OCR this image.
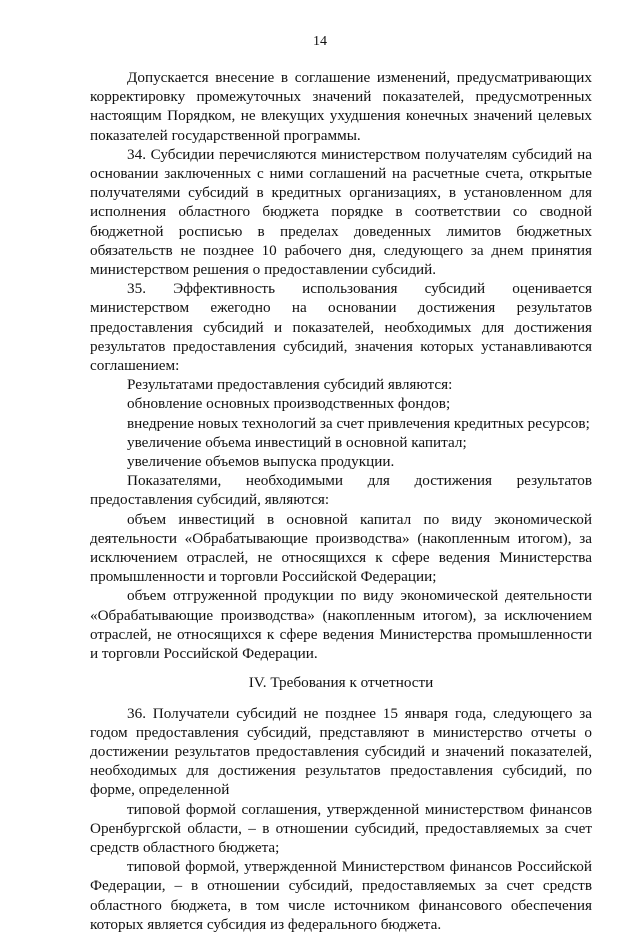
14

Допускается внесение в соглашение изменений, предусматривающих корректировку промежуточных значений показателей, предусмотренных настоящим Порядком, не влекущих ухудшения конечных значений целевых показателей государственной программы.

34. Субсидии перечисляются министерством получателям субсидий на основании заключенных с ними соглашений на расчетные счета, открытые получателями субсидий в кредитных организациях, в установленном для исполнения областного бюджета порядке в соответствии со сводной бюджетной росписью в пределах доведенных лимитов бюджетных обязательств не позднее 10 рабочего дня, следующего за днем принятия министерством решения о предоставлении субсидий.

35. Эффективность использования субсидий оценивается министерством ежегодно на основании достижения результатов предоставления субсидий и показателей, необходимых для достижения результатов предоставления субсидий, значения которых устанавливаются соглашением:

Результатами предоставления субсидий являются:

обновление основных производственных фондов;

внедрение новых технологий за счет привлечения кредитных ресурсов;

увеличение объема инвестиций в основной капитал;

увеличение объемов выпуска продукции.

Показателями, необходимыми для достижения результатов предоставления субсидий, являются:

объем инвестиций в основной капитал по виду экономической деятельности «Обрабатывающие производства» (накопленным итогом), за исключением отраслей, не относящихся к сфере ведения Министерства промышленности и торговли Российской Федерации;

объем отгруженной продукции по виду экономической деятельности «Обрабатывающие производства» (накопленным итогом), за исключением отраслей, не относящихся к сфере ведения Министерства промышленности и торговли Российской Федерации.

IV. Требования к отчетности

36. Получатели субсидий не позднее 15 января года, следующего за годом предоставления субсидий, представляют в министерство отчеты о достижении результатов предоставления субсидий и значений показателей, необходимых для достижения результатов предоставления субсидий, по форме, определенной

типовой формой соглашения, утвержденной министерством финансов Оренбургской области, – в отношении субсидий, предоставляемых за счет средств областного бюджета;

типовой формой, утвержденной Министерством финансов Российской Федерации, – в отношении субсидий, предоставляемых за счет средств областного бюджета, в том числе источником финансового обеспечения которых является субсидия из федерального бюджета.
